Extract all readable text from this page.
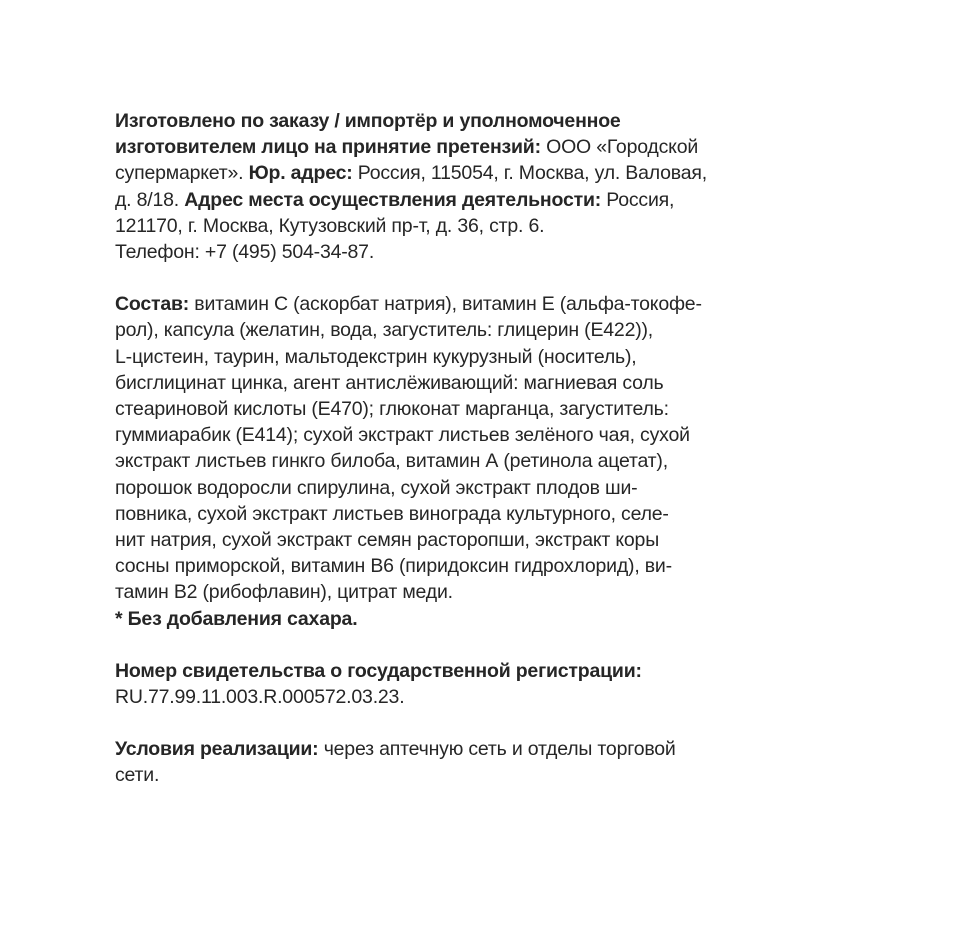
Изготовлено по заказу / импортёр и уполномоченное
изготовителем лицо на принятие претензий: ООО «Городской
супермаркет». Юр. адрес: Россия, 115054, г. Москва, ул. Валовая,
д. 8/18. Адрес места осуществления деятельности: Россия,
121170, г. Москва, Кутузовский пр-т, д. 36, стр. 6.
Телефон: +7 (495) 504-34-87.
Состав: витамин С (аскорбат натрия), витамин Е (альфа-токофе-
рол), капсула (желатин, вода, загуститель: глицерин (Е422)),
L-цистеин, таурин, мальтодекстрин кукурузный (носитель),
бисглицинат цинка, агент антислёживающий: магниевая соль
стеариновой кислоты (Е470); глюконат марганца, загуститель:
гуммиарабик (Е414); сухой экстракт листьев зелёного чая, сухой
экстракт листьев гинкго билоба, витамин А (ретинола ацетат),
порошок водоросли спирулина, сухой экстракт плодов ши-
повника, сухой экстракт листьев винограда культурного, селе-
нит натрия, сухой экстракт семян расторопши, экстракт коры
сосны приморской, витамин В6 (пиридоксин гидрохлорид), ви-
тамин В2 (рибофлавин), цитрат меди.
* Без добавления сахара.
Номер свидетельства о государственной регистрации:
RU.77.99.11.003.R.000572.03.23.
Условия реализации: через аптечную сеть и отделы торговой
сети.
